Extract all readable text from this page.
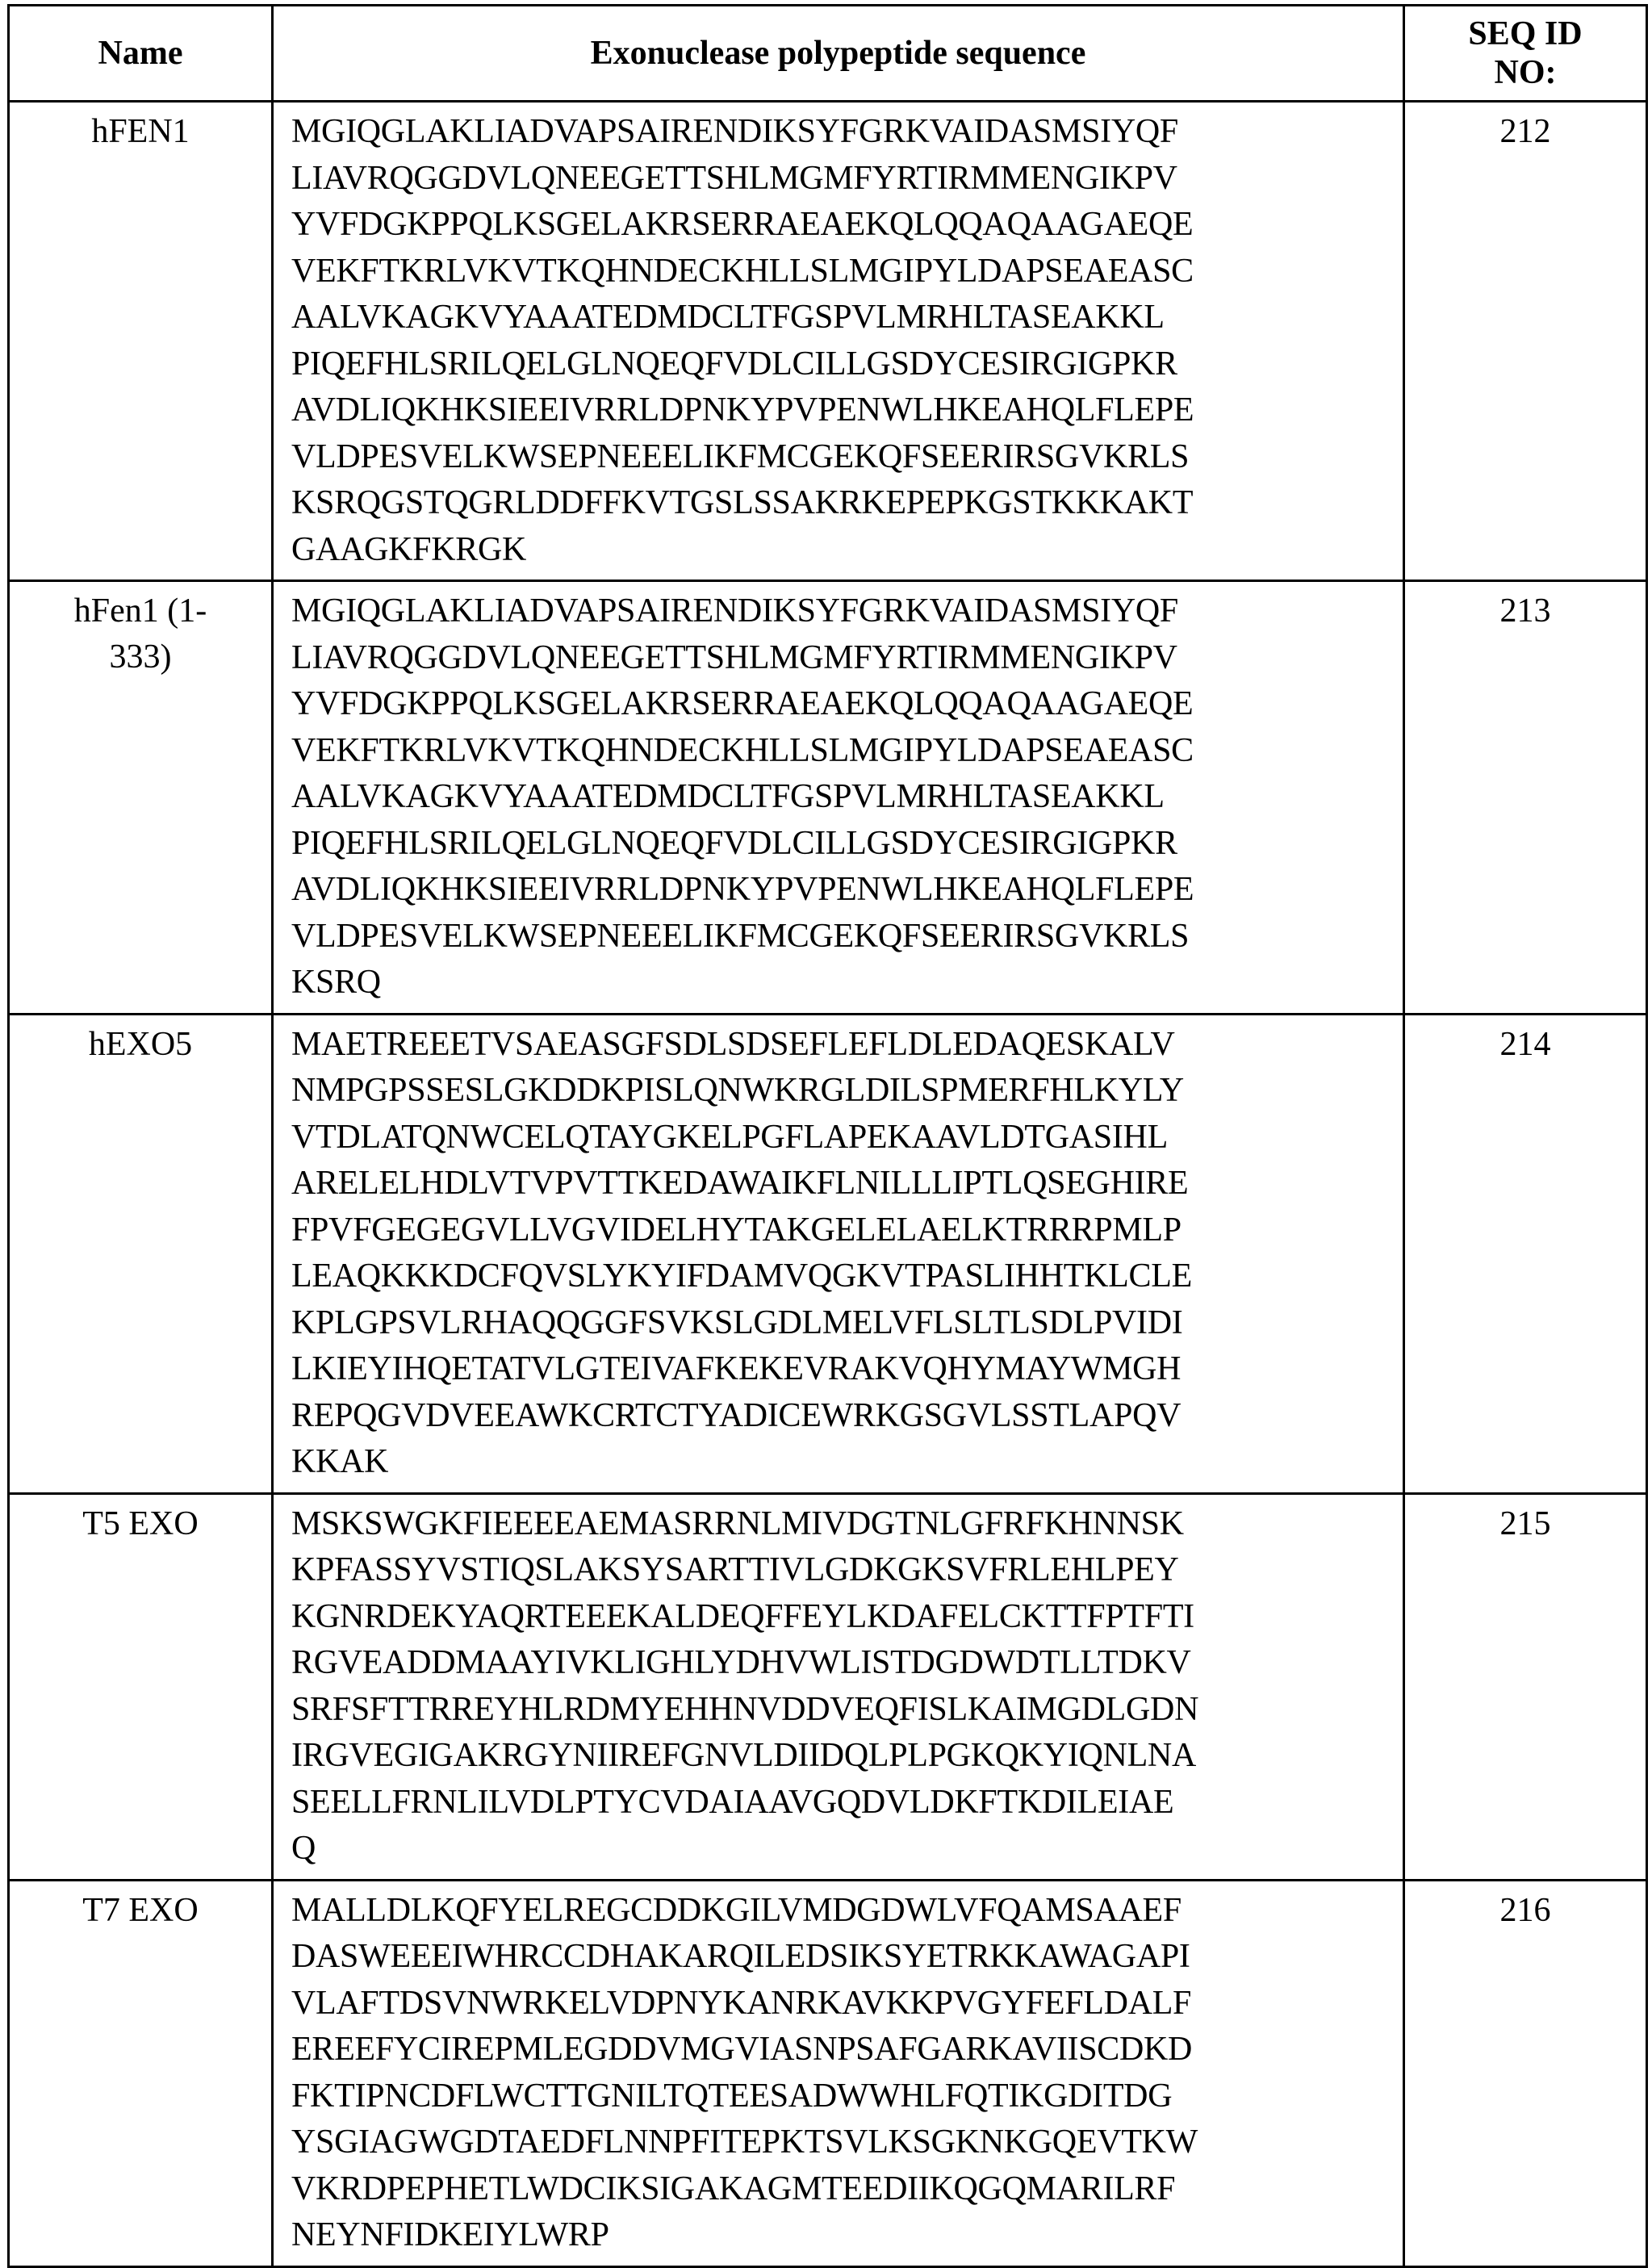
Name	Exonuclease polypeptide sequence	
SEQ ID
NO:

hFEN1	MGIQGLAKLIADVAPSAIRENDIKSYFGRKVAIDASMSIYQF
LIAVRQGGDVLQNEEGETTSHLMGMFYRTIRMMENGIKPV
YVFDGKPPQLKSGELAKRSERRAEAEKQLQQAQAAGAEQE
VEKFTKRLVKVTKQHNDECKHLLSLMGIPYLDAPSEAEASC
AALVKAGKVYAAATEDMDCLTFGSPVLMRHLTASEAKKL
PIQEFHLSRILQELGLNQEQFVDLCILLGSDYCESIRGIGPKR
AVDLIQKHKSIEEIVRRLDPNKYPVPENWLHKEAHQLFLEPE
VLDPESVELKWSEPNEEELIKFMCGEKQFSEERIRSGVKRLS
KSRQGSTQGRLDDFFKVTGSLSSAKRKEPEPKGSTKKKAKT
GAAGKFKRGK
	212

hFen1 (1-
333)

MGIQGLAKLIADVAPSAIRENDIKSYFGRKVAIDASMSIYQF
LIAVRQGGDVLQNEEGETTSHLMGMFYRTIRMMENGIKPV
YVFDGKPPQLKSGELAKRSERRAEAEKQLQQAQAAGAEQE
VEKFTKRLVKVTKQHNDECKHLLSLMGIPYLDAPSEAEASC
AALVKAGKVYAAATEDMDCLTFGSPVLMRHLTASEAKKL
PIQEFHLSRILQELGLNQEQFVDLCILLGSDYCESIRGIGPKR
AVDLIQKHKSIEEIVRRLDPNKYPVPENWLHKEAHQLFLEPE
VLDPESVELKWSEPNEEELIKFMCGEKQFSEERIRSGVKRLS
KSRQ
	213

hEXO5	MAETREEETVSAEASGFSDLSDSEFLEFLDLEDAQESKALV
NMPGPSSESLGKDDKPISLQNWKRGLDILSPMERFHLKYLY
VTDLATQNWCELQTAYGKELPGFLAPEKAAVLDTGASIHL
ARELELHDLVTVPVTTKEDAWAIKFLNILLLIPTLQSEGHIRE
FPVFGEGEGVLLVGVIDELHYTAKGELELAELKTRRRPMLP
LEAQKKKDCFQVSLYKYIFDAMVQGKVTPASLIHHTKLCLE
KPLGPSVLRHAQQGGFSVKSLGDLMELVFLSLTLSDLPVIDI
LKIEYIHQETATVLGTEIVAFKEKEVRAKVQHYMAYWMGH
REPQGVDVEEAWKCRTCTYADICEWRKGSGVLSSTLAPQV
KKAK
	214

T5 EXO	MSKSWGKFIEEEEAEMASRRNLMIVDGTNLGFRFKHNNSK
KPFASSYVSTIQSLAKSYSARTTIVLGDKGKSVFRLEHLPEY
KGNRDEKYAQRTEEEKALDEQFFEYLKDAFELCKTTFPTFTI
RGVEADDMAAYIVKLIGHLYDHVWLISTDGDWDTLLTDKV
SRFSFTTRREYHLRDMYEHHNVDDVEQFISLKAIMGDLGDN
IRGVEGIGAKRGYNIIREFGNVLDIIDQLPLPGKQKYIQNLNA
SEELLFRNLILVDLPTYCVDAIAAVGQDVLDKFTKDILEIAE
Q
	215

T7 EXO	MALLDLKQFYELREGCDDKGILVMDGDWLVFQAMSAAEF
DASWEEEIWHRCCDHAKARQILEDSIKSYETRKKAWAGAPI
VLAFTDSVNWRKELVDPNYKANRKAVKKPVGYFEFLDALF
EREEFYCIREPMLEGDDVMGVIASNPSAFGARKAVIISCDKD
FKTIPNCDFLWCTTGNILTQTEESADWWHLFQTIKGDITDG
YSGIAGWGDTAEDFLNNPFITEPKTSVLKSGKNKGQEVTKW
VKRDPEPHETLWDCIKSIGAKAGMTEEDIIKQGQMARILRF
NEYNFIDKEIYLWRP
	216
